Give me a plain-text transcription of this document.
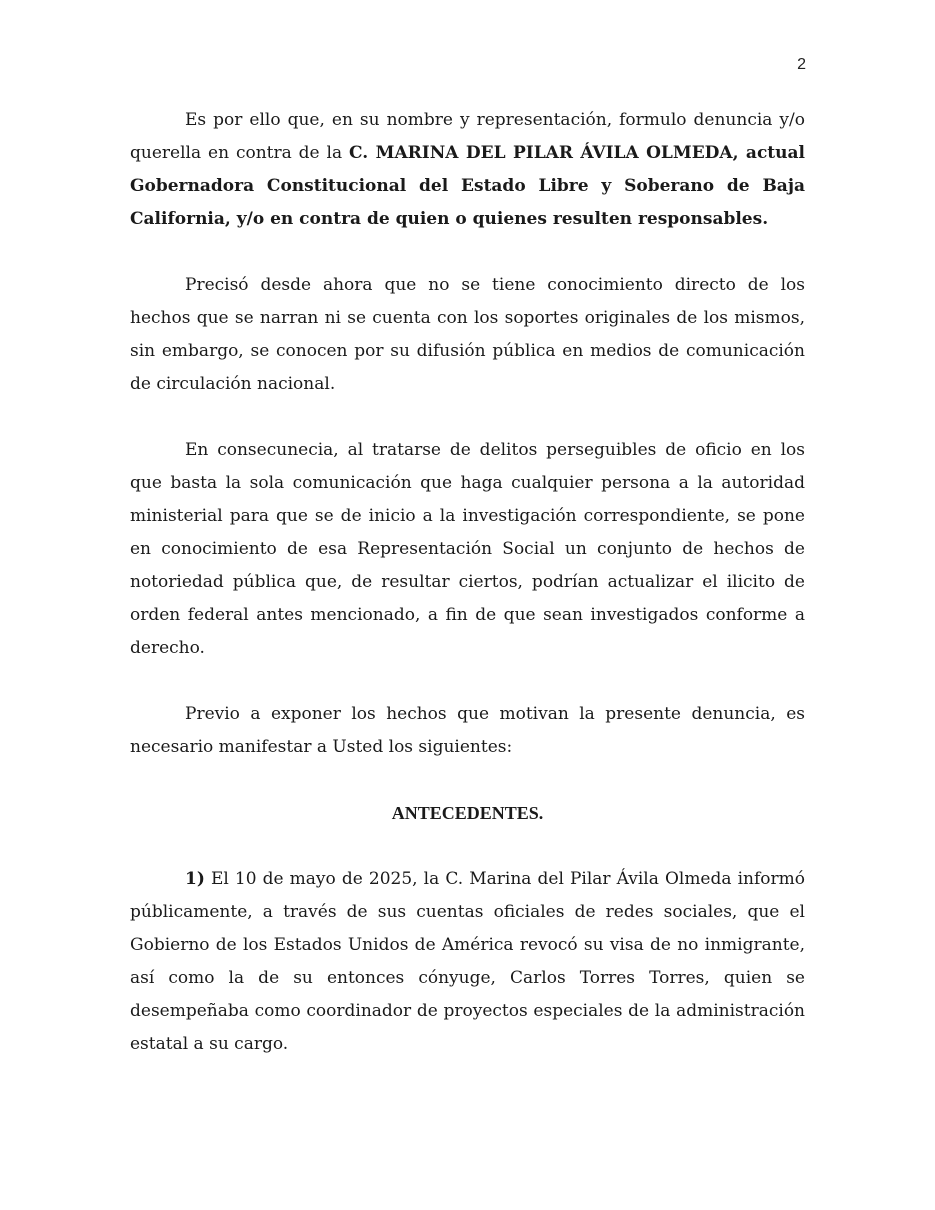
2

Es por ello que, en su nombre y representación, formulo denuncia y/o querella en contra de la C. MARINA DEL PILAR ÁVILA OLMEDA, actual Gobernadora Constitucional del Estado Libre y Soberano de Baja California, y/o en contra de quien o quienes resulten responsables.

Precisó desde ahora que no se tiene conocimiento directo de los hechos que se narran ni se cuenta con los soportes originales de los mismos, sin embargo, se conocen por su difusión pública en medios de comunicación de circulación nacional.

En consecunecia, al tratarse de delitos perseguibles de oficio en los que basta la sola comunicación que haga cualquier persona a la autoridad ministerial para que se de inicio a la investigación correspondiente, se pone en conocimiento de esa Representación Social un conjunto de hechos de notoriedad pública que, de resultar ciertos, podrían actualizar el ilicito de orden federal antes mencionado, a fin de que sean investigados conforme a derecho.

Previo a exponer los hechos que motivan la presente denuncia, es necesario manifestar a Usted los siguientes:

ANTECEDENTES.

1) El 10 de mayo de 2025, la C. Marina del Pilar Ávila Olmeda informó públicamente, a través de sus cuentas oficiales de redes sociales, que el Gobierno de los Estados Unidos de América revocó su visa de no inmigrante, así como la de su entonces cónyuge, Carlos Torres Torres, quien se desempeñaba como coordinador de proyectos especiales de la administración estatal a su cargo.
